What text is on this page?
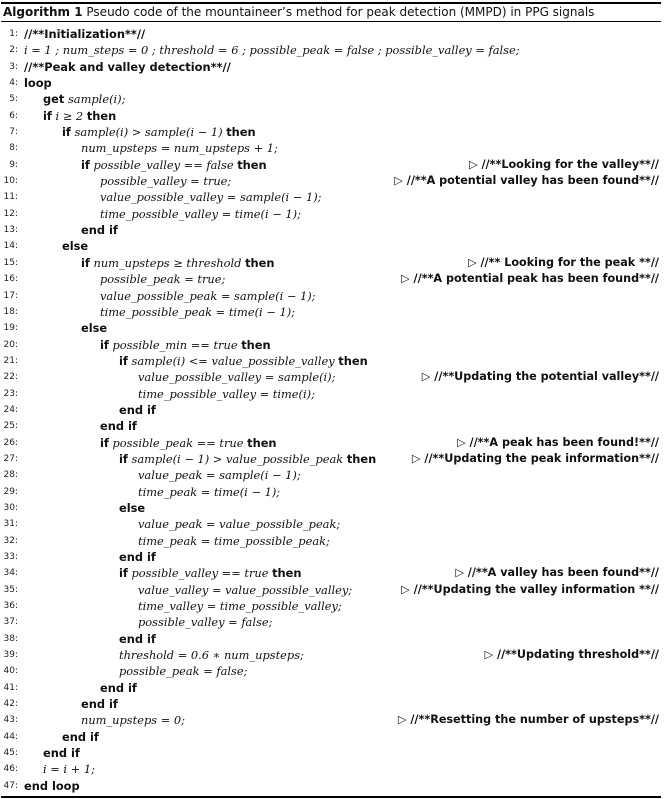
Algorithm 1 Pseudo code of the mountaineer’s method for peak detection (MMPD) in PPG signals
1: //**Initialization**//
2: i = 1 ; num_steps = 0 ; threshold = 6 ; possible_peak = false ; possible_valley = false;
3: //**Peak and valley detection**//
4: loop
5: get sample(i);
6: if i ≥ 2 then
7:	if sample(i) > sample(i − 1) then
8:	num_upsteps = num_upsteps + 1;
9:	if possible_valley == false then	▷ //**Looking for the valley**//
10:	possible_valley = true;	▷ //**A potential valley has been found**//
11:	value_possible_valley = sample(i − 1);
12:	time_possible_valley = time(i − 1);
13:	end if
14:	else
15:	if num_upsteps ≥ threshold then	▷ //** Looking for the peak **//
16:	possible_peak = true;	▷ //**A potential peak has been found**//
17:	value_possible_peak = sample(i − 1);
18:	time_possible_peak = time(i − 1);
19:	else
20:	if possible_min == true then
21:	if sample(i) <= value_possible_valley then
22:	value_possible_valley = sample(i);	▷ //**Updating the potential valley**//
23:	time_possible_valley = time(i);
24:	end if
25:	end if
26:	if possible_peak == true then	▷ //**A peak has been found!**//
27:	if sample(i − 1) > value_possible_peak then	▷ //**Updating the peak information**//
28:	value_peak = sample(i − 1);
29:	time_peak = time(i − 1);
30:	else
31:	value_peak = value_possible_peak;
32:	time_peak = time_possible_peak;
33:	end if
34:	if possible_valley == true then	▷ //**A valley has been found**//
35:	value_valley = value_possible_valley;	▷ //**Updating the valley information **//
36:	time_valley = time_possible_valley;
37:	possible_valley = false;
38:	end if
39:	threshold = 0.6 ∗ num_upsteps;	▷ //**Updating threshold**//
40:	possible_peak = false;
41:	end if
42:	end if
43:	num_upsteps = 0;	▷ //**Resetting the number of upsteps**//
44:	end if
45: end if
46: i = i + 1;
47: end loop
